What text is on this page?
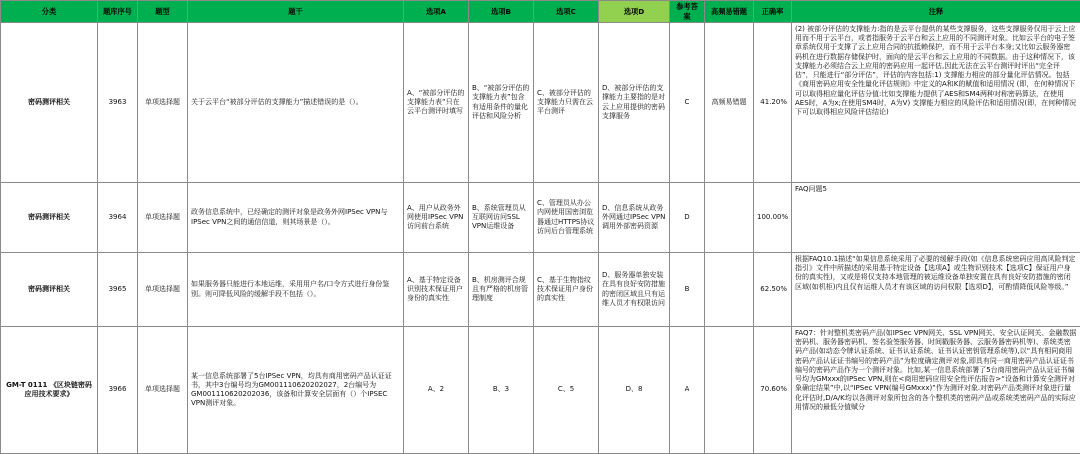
分类	题库序号	题型	题干	选项A	选项B	选项C	选项D	参考答案	高频易错题	正确率	注释
密码测评相关	3963	单项选择题	关于云平台“被部分评估的支撑能力”描述错误的是（）。	A、“被部分评估的支撑能力表”只在云平台测评时填写	B、“被部分评估的支撑能力表”包含有适用条件的量化评估和风险分析	C、被部分评估的支撑能力只需在云平台测评	D、被部分评估的支撑能力主要指的是对云上应用提供的密码支撑服务	C	高频易错题	41.20%	(2) 被部分评估的支撑能力:指的是云平台提供的某些支撑服务，这些支撑服务仅用于云上应用而不用于云平台，或者指服务于云平台和云上应用的不同测评对象。比如云平台的电子签章系统仅用于支撑了云上应用合同的抗抵赖保护，而不用于云平台本身;又比如云服务器密码机在进行数据存储保护时，面向的是云平台和云上应用的不同数据。由于这种情况下，该支撑能力必须结合云上应用的密码应用一起评估,因此无法在云平台测评时评出“完全评估”，只能进行“部分评估”，评估的内容包括:1) 支撑能力相应的部分量化评估情况。包括《商用密码应用安全性量化评估规则》中定义的A和K的赋值和适用情况 (即，在何种情况下可以取得相应量化评估分值:比如支撑能力提供了AES和SM4两种对称密码算法，在使用AES时，A为x;在使用SM4时，A为V) 支撑能力相应的风险评估和适用情况(即，在何种情况下可以取得相应风险评估结论)
密码测评相关	3964	单项选择题	政务信息系统中，已经确定的测评对象是政务外网IPSec VPN与IPSec VPN之间的通信信道，则其场景是（）。	A、用户从政务外网使用IPSec VPN访问前台系统	B、系统管理员从互联网访问SSL VPN运维设备	C、管理员从办公内网使用国密浏览器通过HTTPS协议访问后台管理系统	D、信息系统从政务外网通过IPSec VPN调用外部密码资源	D		100.00%	FAQ问题5
密码测评相关	3965	单项选择题	如果服务器只能进行本地运维，采用用户名/口令方式进行身份鉴别。则可降低风险的缓解手段不包括（）。	A、基于特定设备识别技术保证用户身份的真实性	B、机房测评合规且有严格的机房管理制度	C、基于生物指纹技术保证用户身份的真实性	D、服务器单独安装在具有良好安防措施的密闭区域且只有运维人员才有权限访问	B		62.50%	根据FAQ10.1描述“如果信息系统采用了必要的缓解手段(如《信息系统密码应用高风险判定指引》文件中所描述的采用基于特定设备【选项A】或生物识别技术【选项C】保证用户身份的真实性)，又或是将仅支持本地管理的被运维设备单独安置在具有良好安防措施的密闭区域(如机柜)内且仅有运维人员才有该区域的访问权限【选项D】，可酌情降低风险等级。”
GM-T 0111 《区块链密码应用技术要求》	3966	单项选择题	某一信息系统部署了5台IPSec VPN，均具有商用密码产品认证证书，其中3台编号均为GM001110620202027，2台编号为GM001110620202036，该备和计算安全层面有（）个IPSEC VPN测评对象。	A、2	B、3	C、5	D、8	A		70.60%	FAQ7：针对整机类密码产品(如IPSec VPN网关、SSL VPN网关、安全认证网关、金融数据密码机、服务器密码机、签名验签服务器、时间戳服务器、云服务器密码机等)、系统类密码产品(如动态令牌认证系统、证书认证系统、证书认证密钥管理系统等),以“具有相同商用密码产品认证证书编号的密码产品”为粒度确定测评对象,即具有同一商用密码产品认证证书编号的密码产品作为一个测评对象。比如,某一信息系统部署了5台商用密码产品认证证书编号均为GMxxx的IPSec VPN,则在<商用密码应用安全性评估报告>“设备和计算安全测评对象确定结果”中,以“IPSec VPN(编号GMxxx)”作为测评对象.对密码产品类测评对象进行量化评估时,D/A/K均以各测评对象所包含的各个整机类的密码产品或系统类密码产品的实际应用情况的最低分值赋分
